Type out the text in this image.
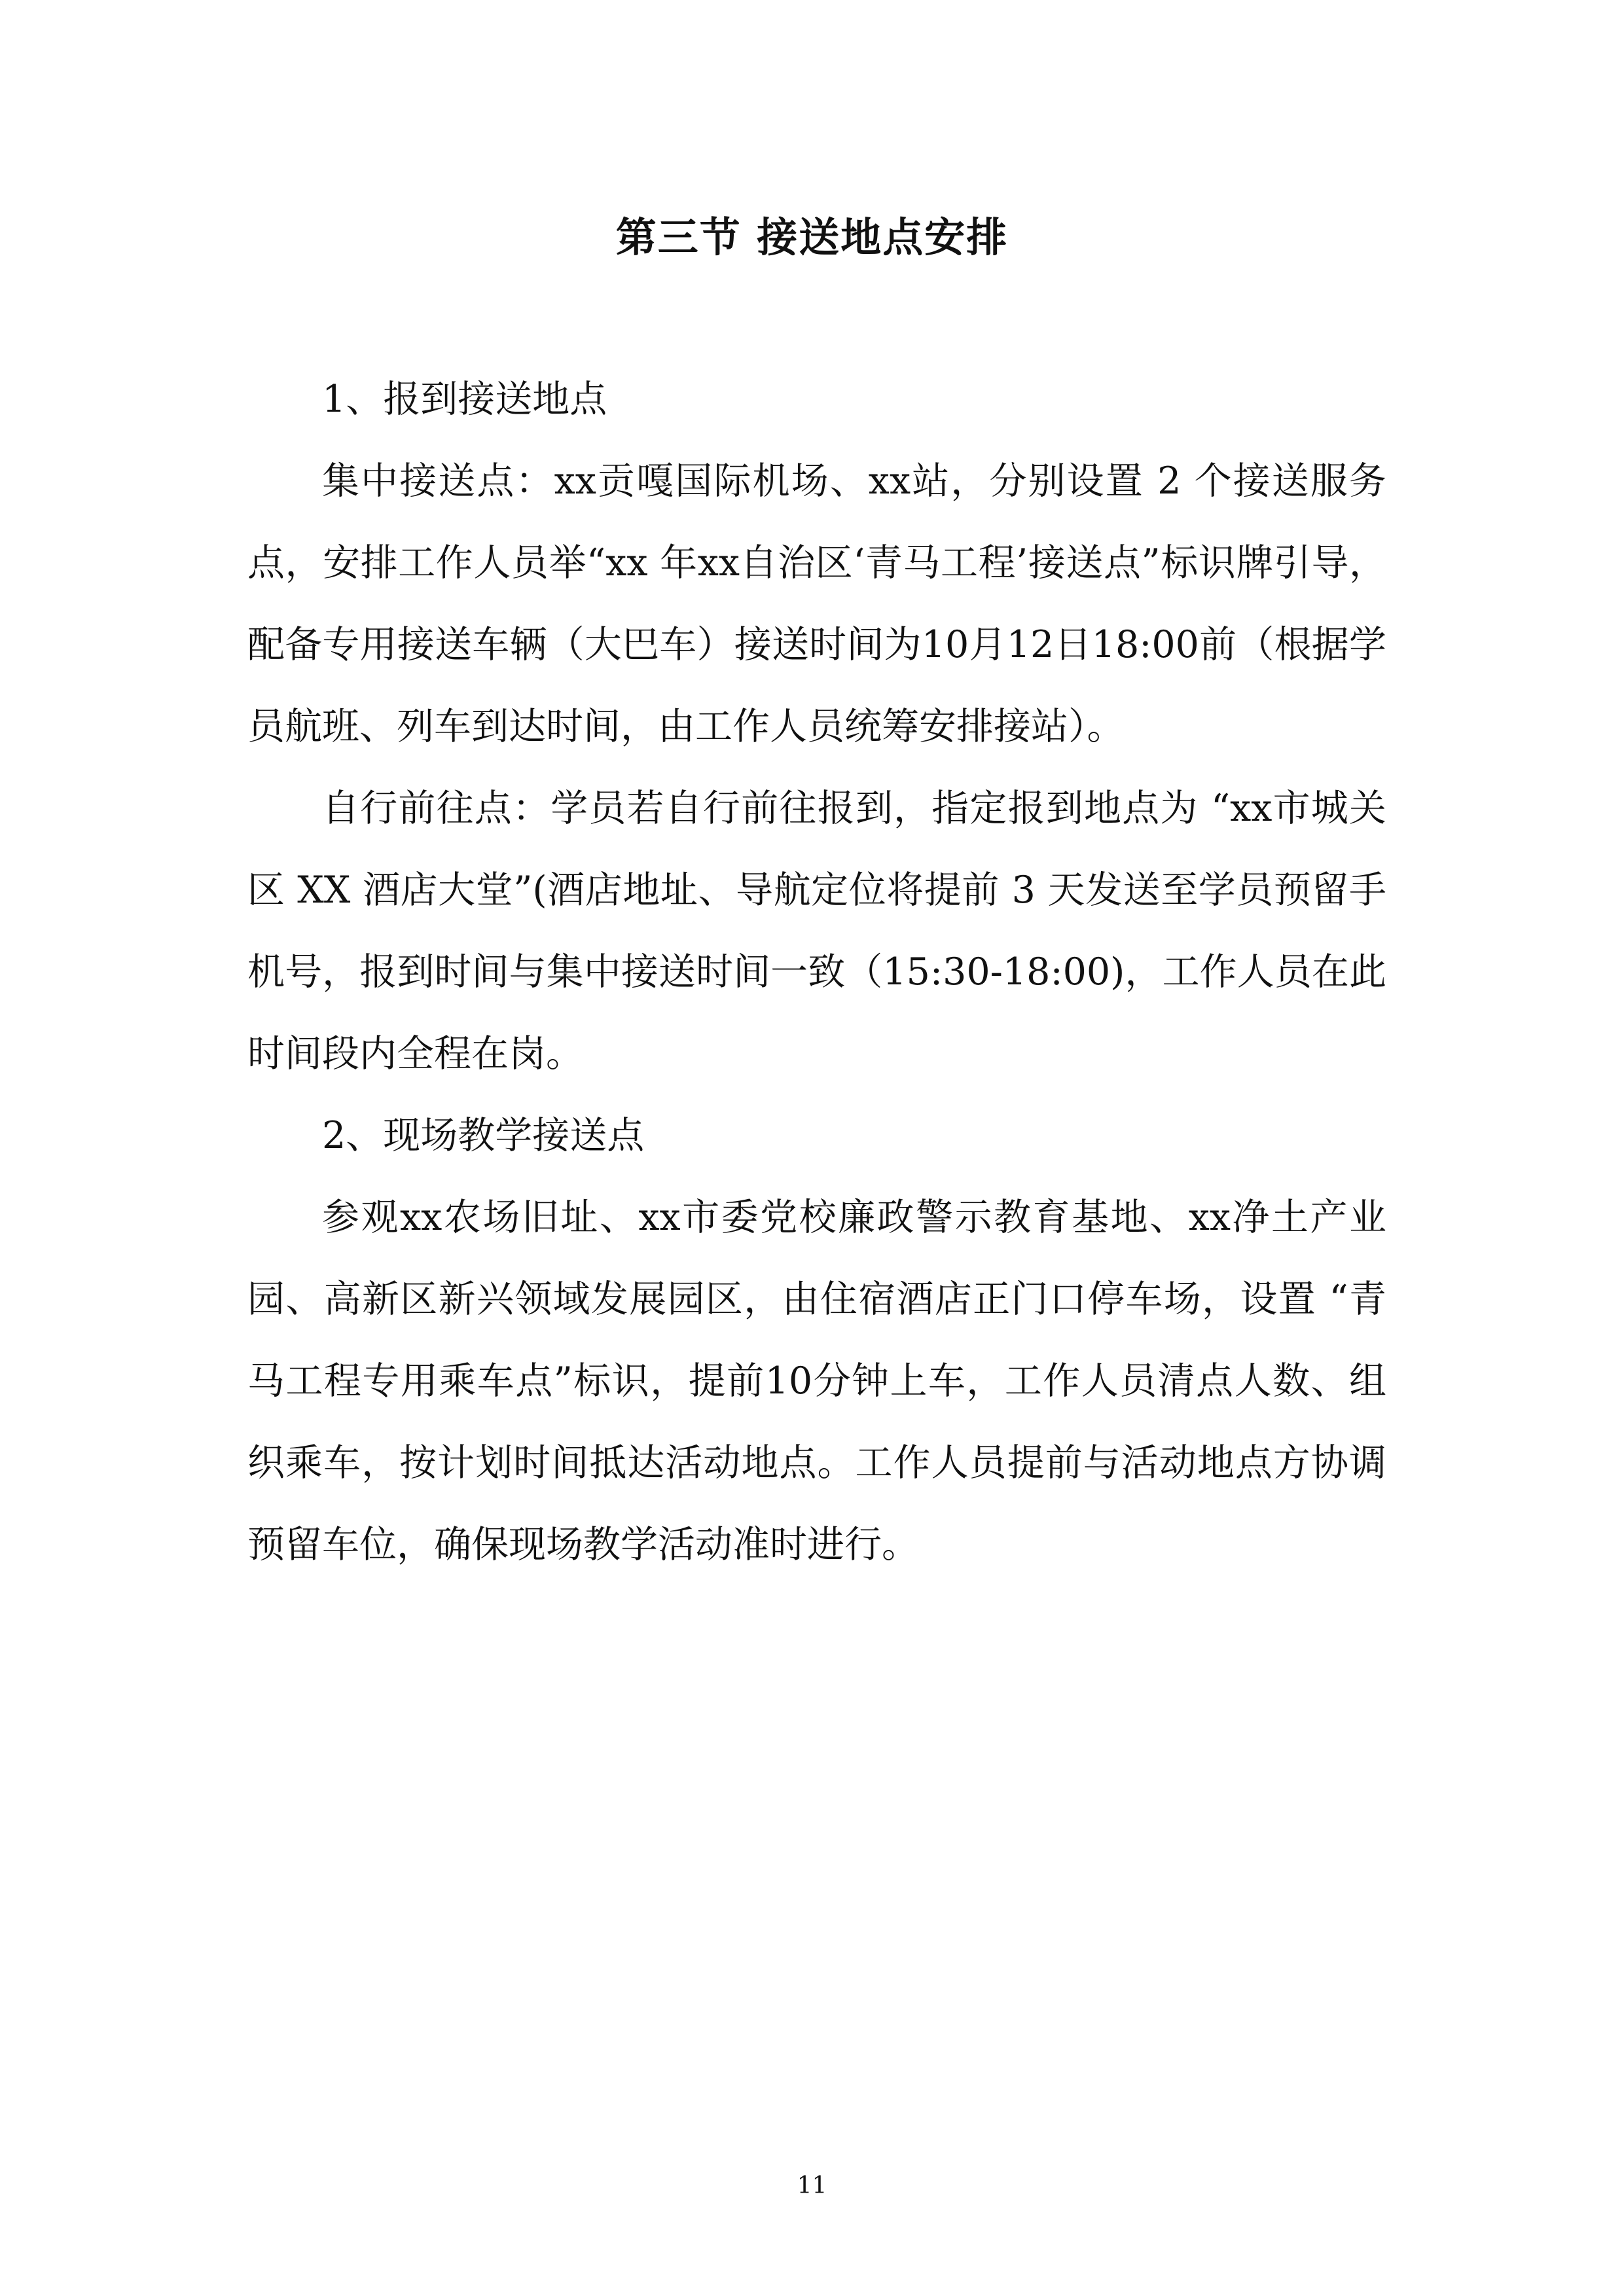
第三节 接送地点安排

1、报到接送地点

集中接送点：xx贡嘎国际机场、xx站，分别设置 2 个接送服务点，安排工作人员举“xx 年xx自治区‘青马工程’接送点”标识牌引导，配备专用接送车辆（大巴车）接送时间为10月12日18:00前（根据学员航班、列车到达时间，由工作人员统筹安排接站）。

自行前往点：学员若自行前往报到，指定报到地点为 “xx市城关区 XX 酒店大堂”(酒店地址、导航定位将提前 3 天发送至学员预留手机号，报到时间与集中接送时间一致（15:30-18:00)，工作人员在此时间段内全程在岗。

2、现场教学接送点

参观xx农场旧址、xx市委党校廉政警示教育基地、xx净土产业园、高新区新兴领域发展园区，由住宿酒店正门口停车场，设置 “青马工程专用乘车点”标识，提前10分钟上车，工作人员清点人数、组织乘车，按计划时间抵达活动地点。工作人员提前与活动地点方协调预留车位，确保现场教学活动准时进行。

11
